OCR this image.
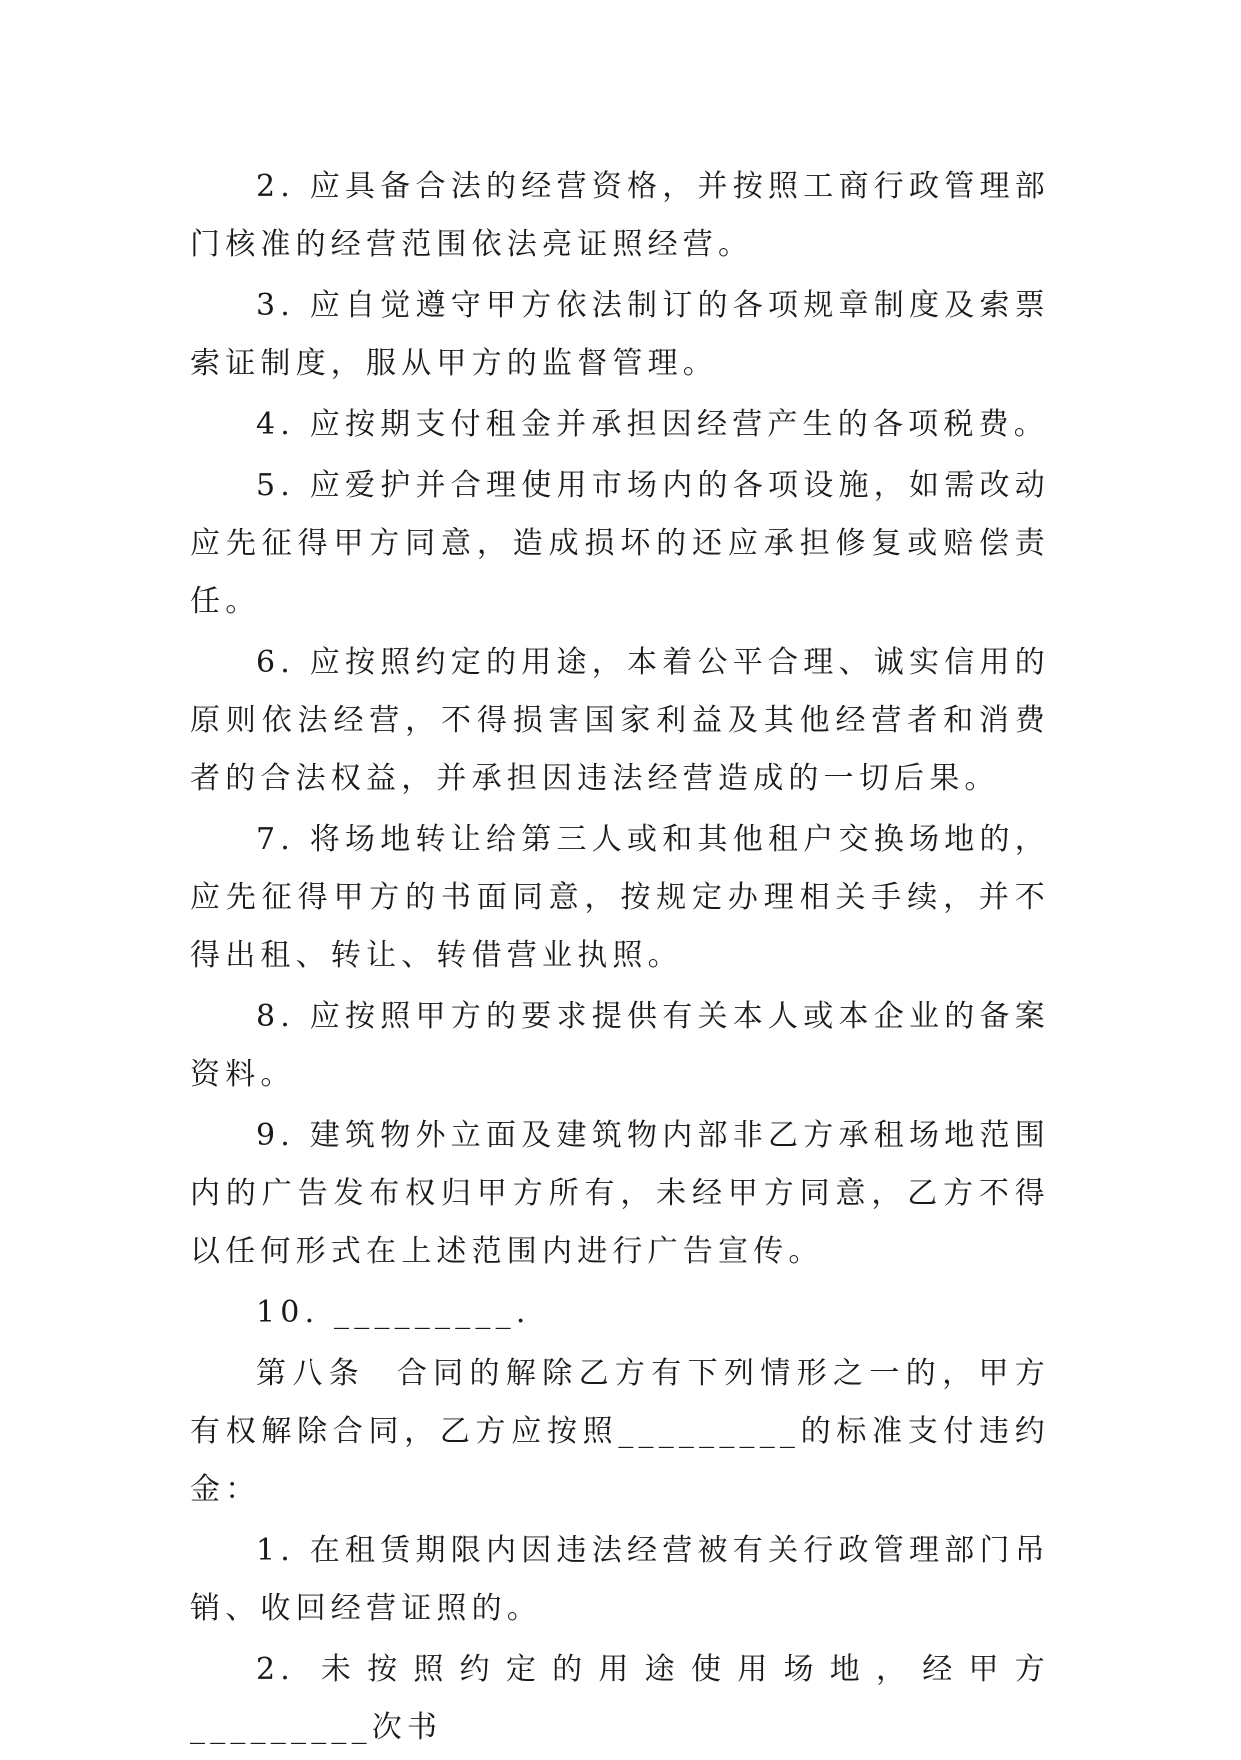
2. 应具备合法的经营资格，并按照工商行政管理部门核准的经营范围依法亮证照经营。

3. 应自觉遵守甲方依法制订的各项规章制度及索票索证制度，服从甲方的监督管理。

4. 应按期支付租金并承担因经营产生的各项税费。

5. 应爱护并合理使用市场内的各项设施，如需改动应先征得甲方同意，造成损坏的还应承担修复或赔偿责任。

6. 应按照约定的用途，本着公平合理、诚实信用的原则依法经营，不得损害国家利益及其他经营者和消费者的合法权益，并承担因违法经营造成的一切后果。

7. 将场地转让给第三人或和其他租户交换场地的，应先征得甲方的书面同意，按规定办理相关手续，并不得出租、转让、转借营业执照。

8. 应按照甲方的要求提供有关本人或本企业的备案资料。

9. 建筑物外立面及建筑物内部非乙方承租场地范围内的广告发布权归甲方所有，未经甲方同意，乙方不得以任何形式在上述范围内进行广告宣传。

10. _________.

第八条  合同的解除乙方有下列情形之一的，甲方有权解除合同，乙方应按照_________的标准支付违约金：

1. 在租赁期限内因违法经营被有关行政管理部门吊销、收回经营证照的。

2. 未按照约定的用途使用场地，经甲方_________次书
